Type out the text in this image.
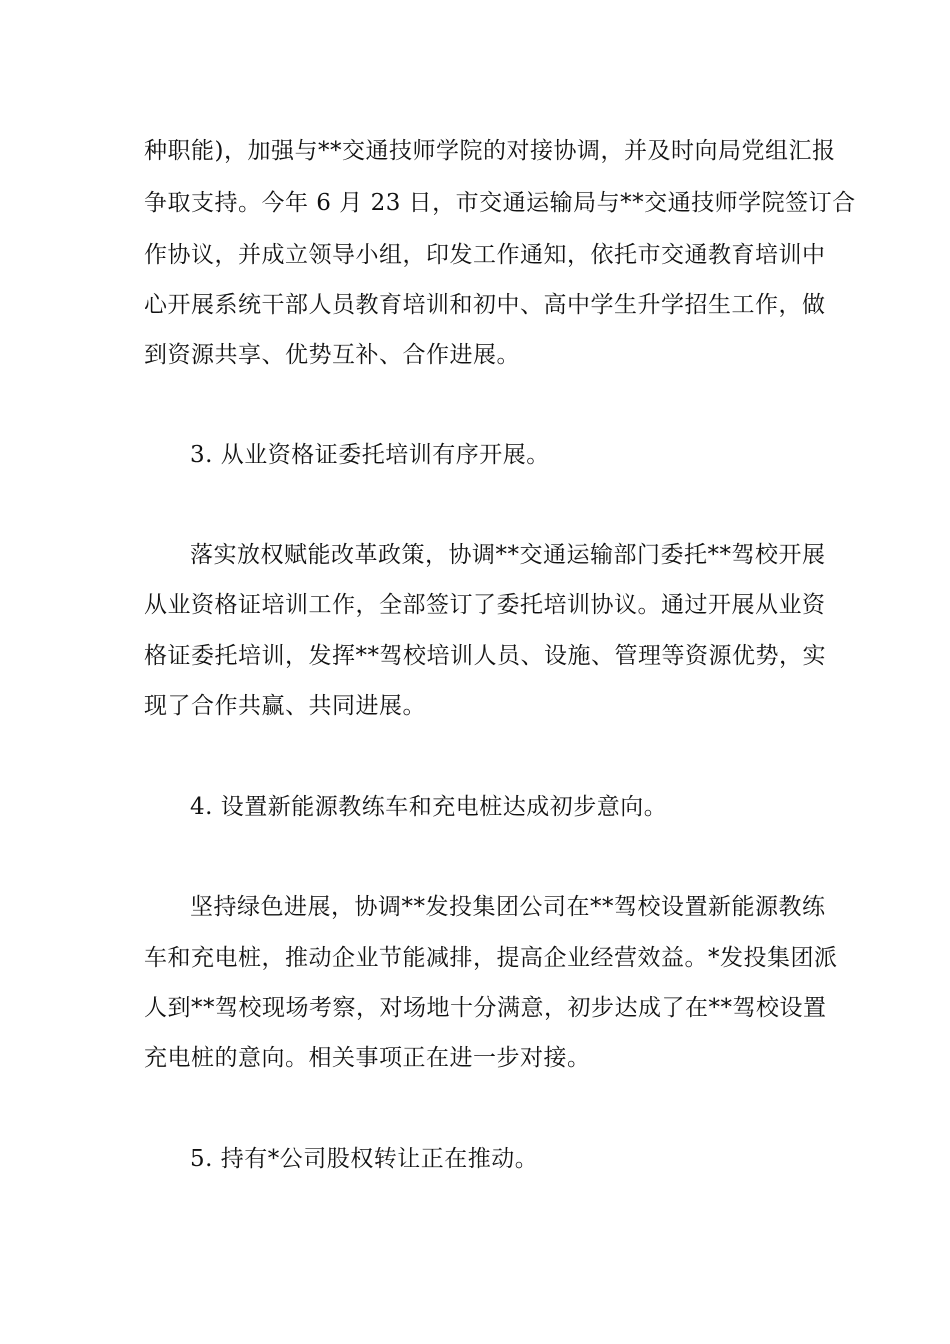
种职能)，加强与**交通技师学院的对接协调，并及时向局党组汇报
争取支持。今年 6 月 23 日，市交通运输局与**交通技师学院签订合
作协议，并成立领导小组，印发工作通知，依托市交通教育培训中
心开展系统干部人员教育培训和初中、高中学生升学招生工作，做
到资源共享、优势互补、合作进展。
3. 从业资格证委托培训有序开展。
落实放权赋能改革政策，协调**交通运输部门委托**驾校开展
从业资格证培训工作，全部签订了委托培训协议。通过开展从业资
格证委托培训，发挥**驾校培训人员、设施、管理等资源优势，实
现了合作共赢、共同进展。
4. 设置新能源教练车和充电桩达成初步意向。
坚持绿色进展，协调**发投集团公司在**驾校设置新能源教练
车和充电桩，推动企业节能减排，提高企业经营效益。*发投集团派
人到**驾校现场考察，对场地十分满意，初步达成了在**驾校设置
充电桩的意向。相关事项正在进一步对接。
5. 持有*公司股权转让正在推动。
